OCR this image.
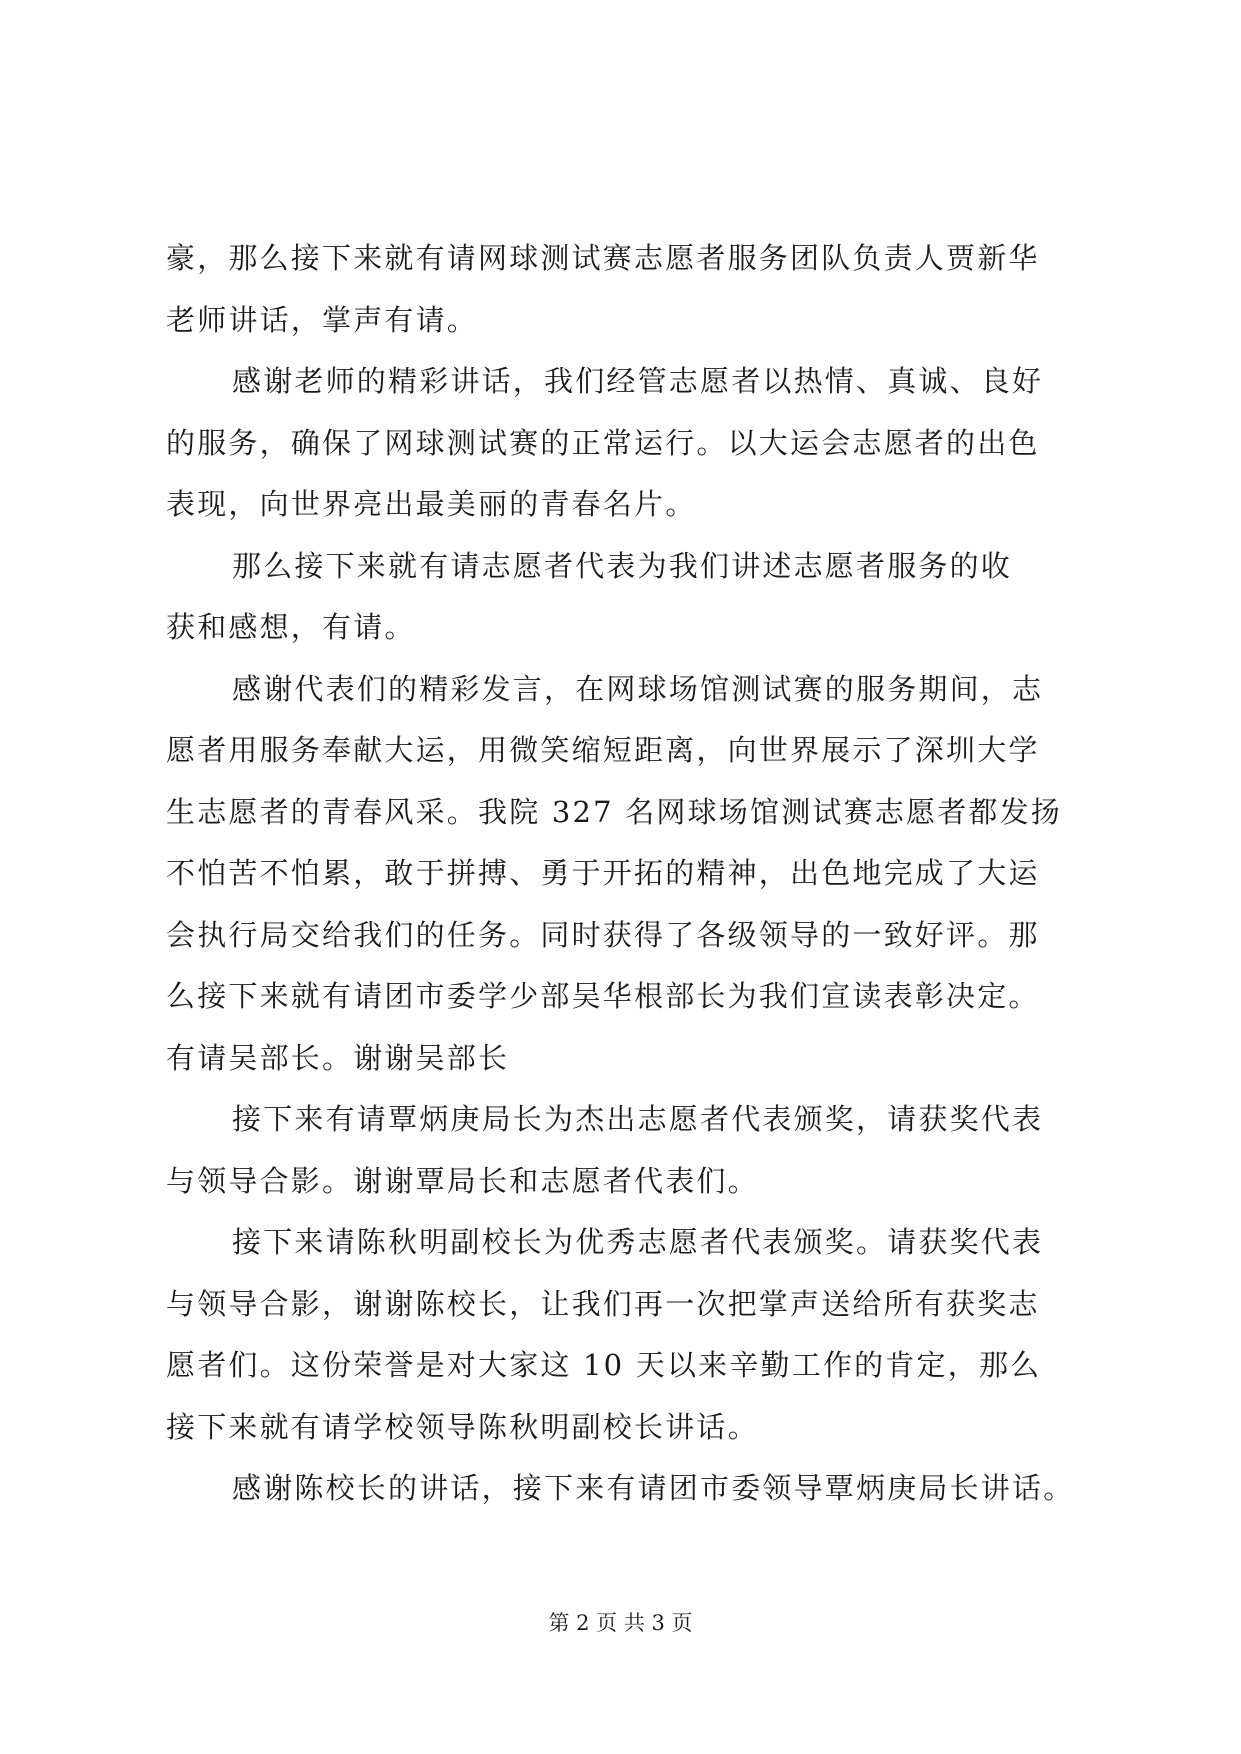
豪，那么接下来就有请网球测试赛志愿者服务团队负责人贾新华
老师讲话，掌声有请。
感谢老师的精彩讲话，我们经管志愿者以热情、真诚、良好
的服务，确保了网球测试赛的正常运行。以大运会志愿者的出色
表现，向世界亮出最美丽的青春名片。
那么接下来就有请志愿者代表为我们讲述志愿者服务的收
获和感想，有请。
感谢代表们的精彩发言，在网球场馆测试赛的服务期间，志
愿者用服务奉献大运，用微笑缩短距离，向世界展示了深圳大学
生志愿者的青春风采。我院 327 名网球场馆测试赛志愿者都发扬
不怕苦不怕累，敢于拼搏、勇于开拓的精神，出色地完成了大运
会执行局交给我们的任务。同时获得了各级领导的一致好评。那
么接下来就有请团市委学少部吴华根部长为我们宣读表彰决定。
有请吴部长。谢谢吴部长
接下来有请覃炳庚局长为杰出志愿者代表颁奖，请获奖代表
与领导合影。谢谢覃局长和志愿者代表们。
接下来请陈秋明副校长为优秀志愿者代表颁奖。请获奖代表
与领导合影，谢谢陈校长，让我们再一次把掌声送给所有获奖志
愿者们。这份荣誉是对大家这 10 天以来辛勤工作的肯定，那么
接下来就有请学校领导陈秋明副校长讲话。
感谢陈校长的讲话，接下来有请团市委领导覃炳庚局长讲话。
第 2 页 共 3 页
